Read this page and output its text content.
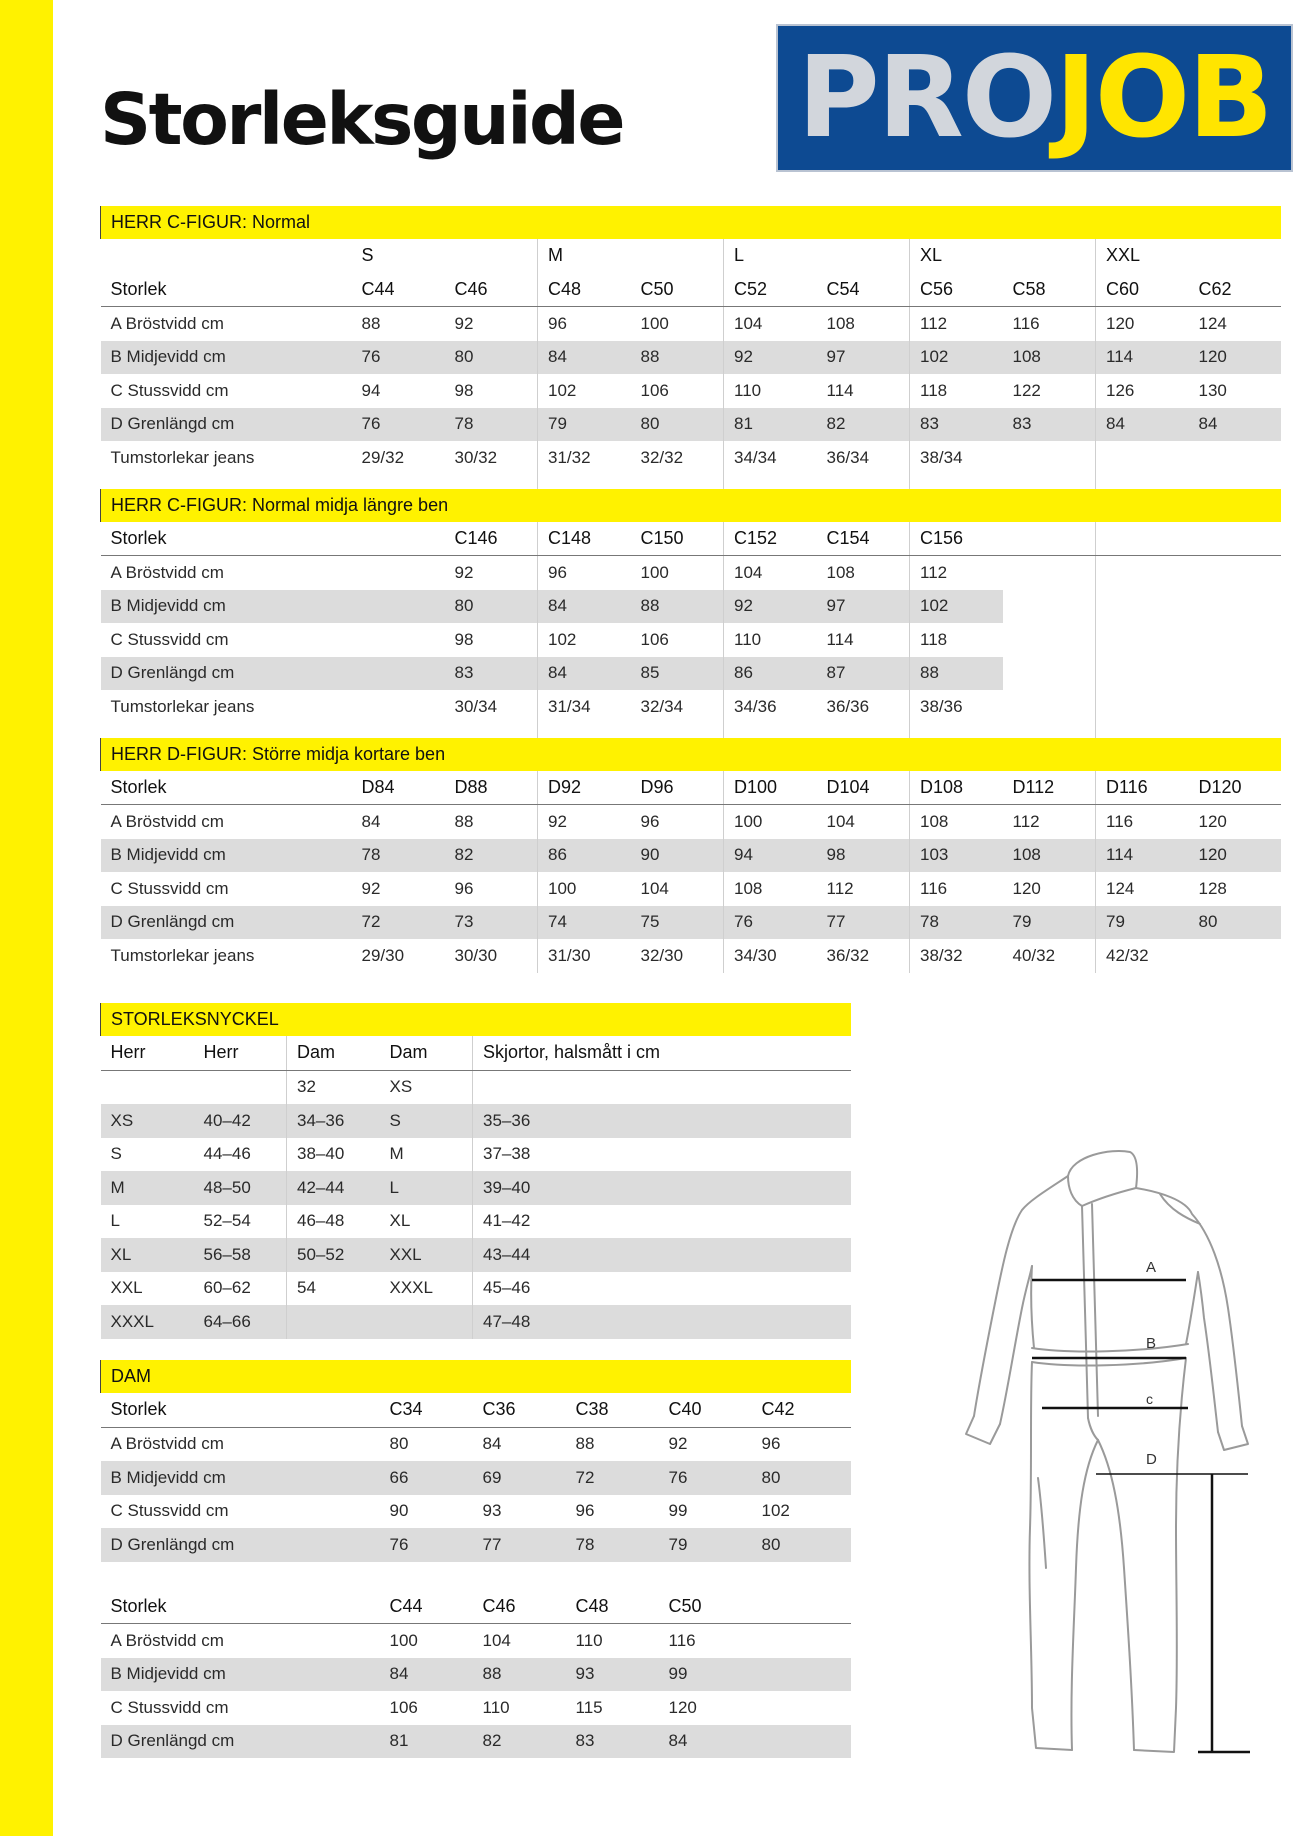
Storleksguide PRO JOB
HERR C-FIGUR: Normal										
	S		M		L		XL		XXL	
Storlek	C44	C46	C48	C50	C52	C54	C56	C58	C60	C62
A Bröstvidd cm	88	92	96	100	104	108	112	116	120	124
B Midjevidd cm	76	80	84	88	92	97	102	108	114	120
C Stussvidd cm	94	98	102	106	110	114	118	122	126	130
D Grenlängd cm	76	78	79	80	81	82	83	83	84	84
Tumstorlekar jeans	29/32	30/32	31/32	32/32	34/34	36/34	38/34			

HERR C-FIGUR: Normal midja längre ben										
Storlek		C146	C148	C150	C152	C154	C156			
A Bröstvidd cm		92	96	100	104	108	112			
B Midjevidd cm		80	84	88	92	97	102			
C Stussvidd cm		98	102	106	110	114	118			
D Grenlängd cm		83	84	85	86	87	88			
Tumstorlekar jeans		30/34	31/34	32/34	34/36	36/36	38/36			

HERR D-FIGUR: Större midja kortare ben										
Storlek	D84	D88	D92	D96	D100	D104	D108	D112	D116	D120
A Bröstvidd cm	84	88	92	96	100	104	108	112	116	120
B Midjevidd cm	78	82	86	90	94	98	103	108	114	120
C Stussvidd cm	92	96	100	104	108	112	116	120	124	128
D Grenlängd cm	72	73	74	75	76	77	78	79	79	80
Tumstorlekar jeans	29/30	30/30	31/30	32/30	34/30	36/32	38/32	40/32	42/32	
STORLEKSNYCKEL				
Herr	Herr	Dam	Dam	Skjortor, halsmått i cm
		32	XS	
XS	40–42	34–36	S	35–36
S	44–46	38–40	M	37–38
M	48–50	42–44	L	39–40
L	52–54	46–48	XL	41–42
XL	56–58	50–52	XXL	43–44
XXL	60–62	54	XXXL	45–46
XXXL	64–66			47–48
DAM					
Storlek	C34	C36	C38	C40	C42
A Bröstvidd cm	80	84	88	92	96
B Midjevidd cm	66	69	72	76	80
C Stussvidd cm	90	93	96	99	102
D Grenlängd cm	76	77	78	79	80

Storlek	C44	C46	C48	C50	
A Bröstvidd cm	100	104	110	116	
B Midjevidd cm	84	88	93	99	
C Stussvidd cm	106	110	115	120	
D Grenlängd cm	81	82	83	84	
A
B
c
D
